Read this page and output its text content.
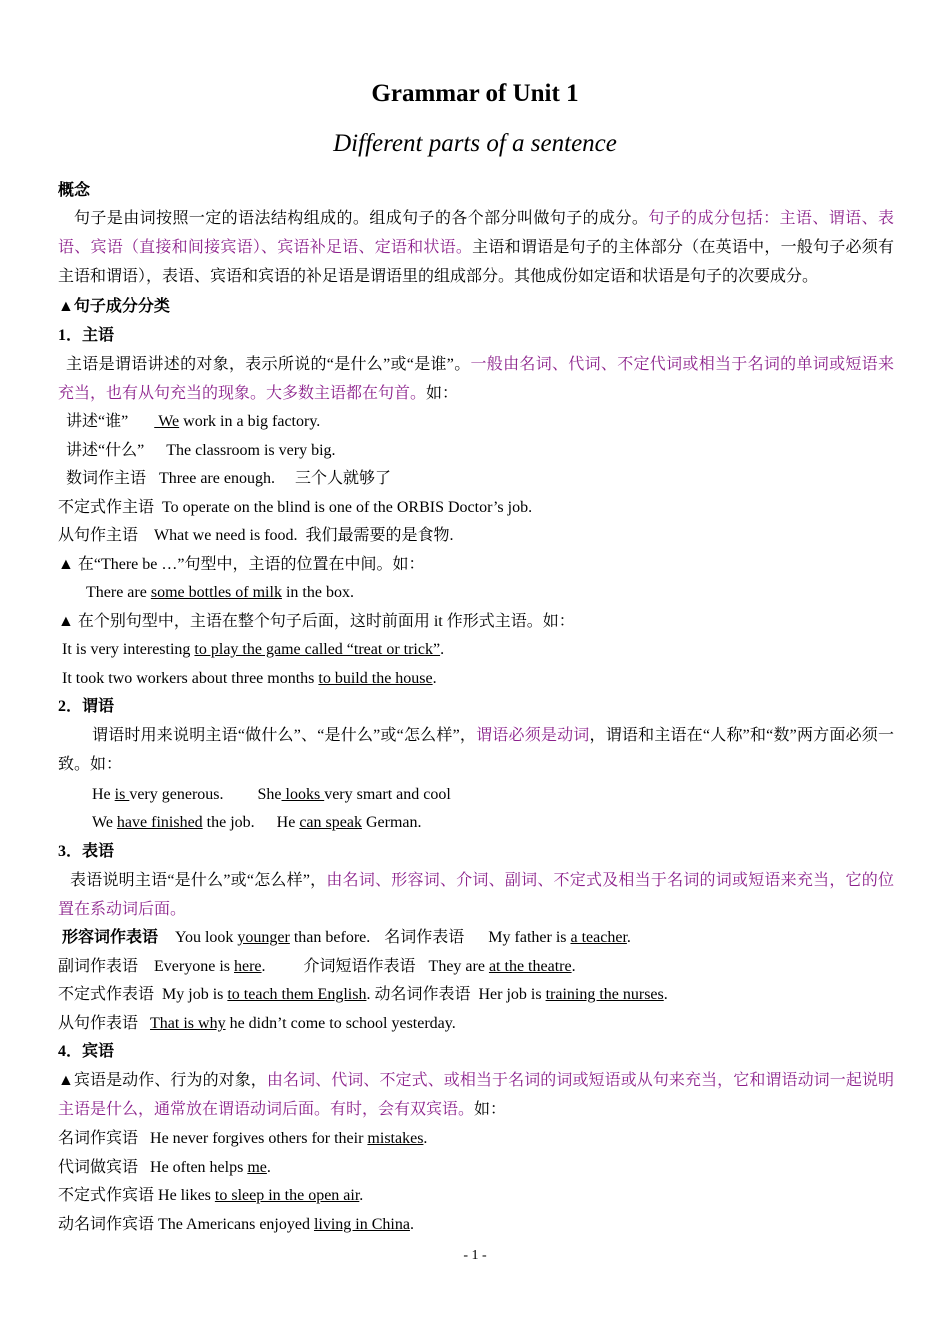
Grammar of Unit 1
Different parts of a sentence
概念
句子是由词按照一定的语法结构组成的。组成句子的各个部分叫做句子的成分。句子的成分包括：主语、谓语、表语、宾语（直接和间接宾语）、宾语补足语、定语和状语。主语和谓语是句子的主体部分（在英语中，一般句子必须有主语和谓语），表语、宾语和宾语的补足语是谓语里的组成部分。其他成份如定语和状语是句子的次要成分。
▲句子成分分类
1．主语
主语是谓语讲述的对象，表示所说的“是什么”或“是谁”。一般由名词、代词、不定代词或相当于名词的单词或短语来充当，也有从句充当的现象。大多数主语都在句首。如：
讲述“谁” We work in a big factory.
讲述“什么” The classroom is very big.
数词作主语 Three are enough. 三个人就够了
不定式作主语 To operate on the blind is one of the ORBIS Doctor’s job.
从句作主语 What we need is food. 我们最需要的是食物.
▲ 在“There be …”句型中，主语的位置在中间。如：
There are some bottles of milk in the box.
▲ 在个别句型中，主语在整个句子后面，这时前面用 it 作形式主语。如：
It is very interesting to play the game called “treat or trick”.
It took two workers about three months to build the house.
2．谓语
谓语时用来说明主语“做什么”、“是什么”或“怎么样”，谓语必须是动词，谓语和主语在“人称”和“数”两方面必须一致。如：
He is very generous. She looks very smart and cool
We have finished the job. He can speak German.
3．表语
表语说明主语“是什么”或“怎么样”，由名词、形容词、介词、副词、不定式及相当于名词的词或短语来充当，它的位置在系动词后面。
形容词作表语 You look younger than before. 名词作表语 My father is a teacher.
副词作表语 Everyone is here. 介词短语作表语 They are at the theatre.
不定式作表语 My job is to teach them English. 动名词作表语 Her job is training the nurses.
从句作表语 That is why he didn’t come to school yesterday.
4．宾语
▲宾语是动作、行为的对象，由名词、代词、不定式、或相当于名词的词或短语或从句来充当，它和谓语动词一起说明主语是什么，通常放在谓语动词后面。有时，会有双宾语。如：
名词作宾语 He never forgives others for their mistakes.
代词做宾语 He often helps me.
不定式作宾语 He likes to sleep in the open air.
动名词作宾语 The Americans enjoyed living in China.
- 1 -
